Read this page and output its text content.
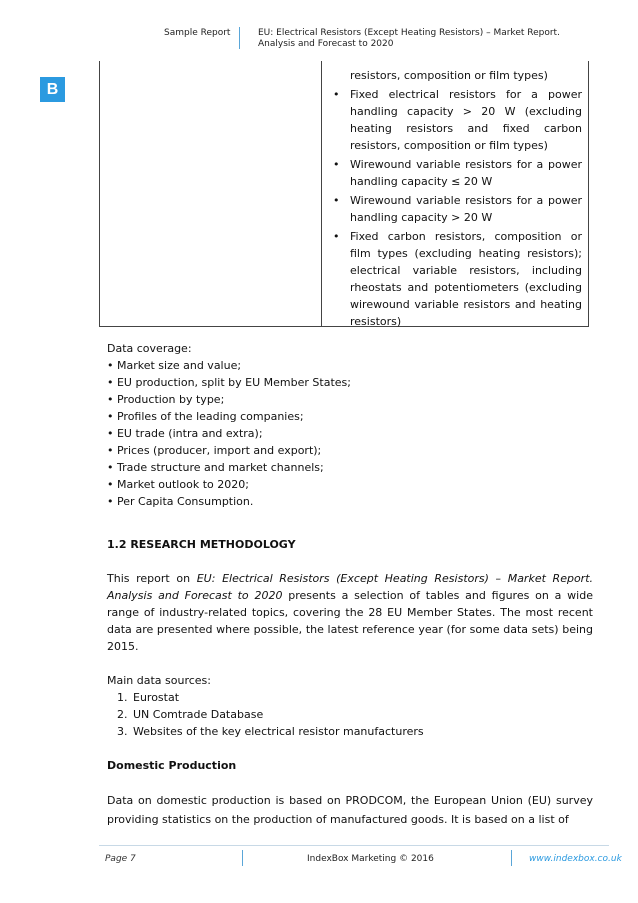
Sample Report	EU: Electrical Resistors (Except Heating Resistors) – Market Report.
Analysis and Forecast to 2020
B
resistors, composition or film types)
• Fixed electrical resistors for a power handling capacity > 20 W (excluding heating resistors and fixed carbon resistors, composition or film types)
• Wirewound variable resistors for a power handling capacity ≤ 20 W
• Wirewound variable resistors for a power handling capacity > 20 W
• Fixed carbon resistors, composition or film types (excluding heating resistors); electrical variable resistors, including rheostats and potentiometers (excluding wirewound variable resistors and heating resistors)

Data coverage:

• Market size and value;
• EU production, split by EU Member States;
• Production by type;
• Profiles of the leading companies;
• EU trade (intra and extra);
• Prices (producer, import and export);
• Trade structure and market channels;
• Market outlook to 2020;
• Per Capita Consumption.

1.2 RESEARCH METHODOLOGY

This report on EU: Electrical Resistors (Except Heating Resistors) – Market Report. Analysis and Forecast to 2020 presents a selection of tables and figures on a wide range of industry-related topics, covering the 28 EU Member States. The most recent data are presented where possible, the latest reference year (for some data sets) being 2015.

Main data sources:

1. Eurostat
2. UN Comtrade Database
3. Websites of the key electrical resistor manufacturers

Domestic Production

Data on domestic production is based on PRODCOM, the European Union (EU) survey providing statistics on the production of manufactured goods. It is based on a list of

Page 7	IndexBox Marketing © 2016	www.indexbox.co.uk
